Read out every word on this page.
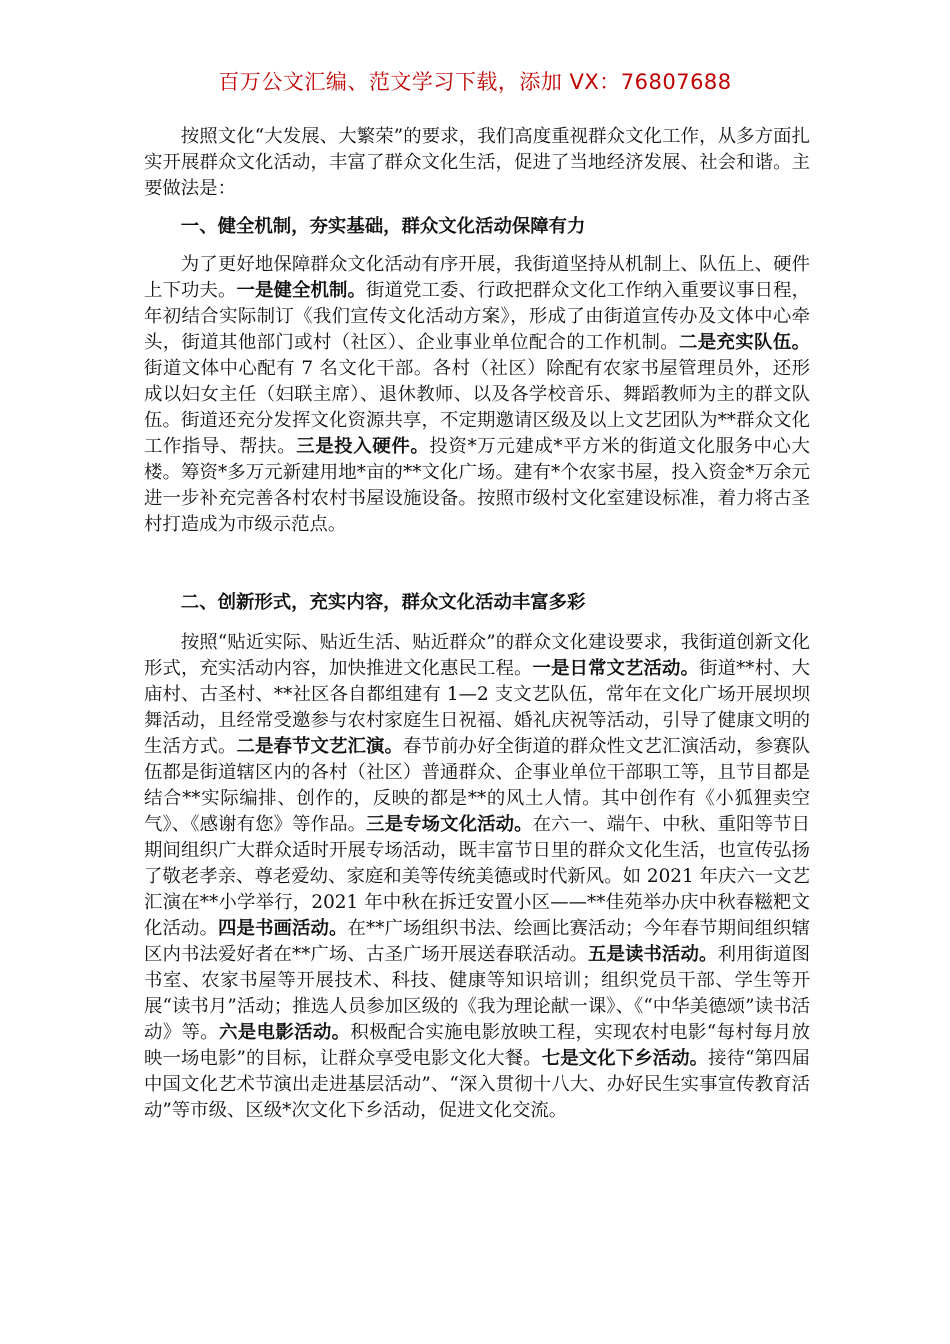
百万公文汇编、范文学习下载，添加 VX：76807688

按照文化“大发展、大繁荣”的要求，我们高度重视群众文化工作，从多方面扎实开展群众文化活动，丰富了群众文化生活，促进了当地经济发展、社会和谐。主要做法是：

一、健全机制，夯实基础，群众文化活动保障有力

为了更好地保障群众文化活动有序开展，我街道坚持从机制上、队伍上、硬件上下功夫。一是健全机制。街道党工委、行政把群众文化工作纳入重要议事日程，年初结合实际制订《我们宣传文化活动方案》，形成了由街道宣传办及文体中心牵头，街道其他部门或村（社区）、企业事业单位配合的工作机制。二是充实队伍。街道文体中心配有 7 名文化干部。各村（社区）除配有农家书屋管理员外，还形成以妇女主任（妇联主席）、退休教师、以及各学校音乐、舞蹈教师为主的群文队伍。街道还充分发挥文化资源共享，不定期邀请区级及以上文艺团队为**群众文化工作指导、帮扶。三是投入硬件。投资*万元建成*平方米的街道文化服务中心大楼。筹资*多万元新建用地*亩的**文化广场。建有*个农家书屋，投入资金*万余元进一步补充完善各村农村书屋设施设备。按照市级村文化室建设标准，着力将古圣村打造成为市级示范点。

二、创新形式，充实内容，群众文化活动丰富多彩

按照“贴近实际、贴近生活、贴近群众”的群众文化建设要求，我街道创新文化形式，充实活动内容，加快推进文化惠民工程。一是日常文艺活动。街道**村、大庙村、古圣村、**社区各自都组建有 1—2 支文艺队伍，常年在文化广场开展坝坝舞活动，且经常受邀参与农村家庭生日祝福、婚礼庆祝等活动，引导了健康文明的生活方式。二是春节文艺汇演。春节前办好全街道的群众性文艺汇演活动，参赛队伍都是街道辖区内的各村（社区）普通群众、企事业单位干部职工等，且节目都是结合**实际编排、创作的，反映的都是**的风土人情。其中创作有《小狐狸卖空气》、《感谢有您》等作品。三是专场文化活动。在六一、端午、中秋、重阳等节日期间组织广大群众适时开展专场活动，既丰富节日里的群众文化生活，也宣传弘扬了敬老孝亲、尊老爱幼、家庭和美等传统美德或时代新风。如 2021 年庆六一文艺汇演在**小学举行，2021 年中秋在拆迁安置小区——**佳苑举办庆中秋春糍粑文化活动。四是书画活动。在**广场组织书法、绘画比赛活动；今年春节期间组织辖区内书法爱好者在**广场、古圣广场开展送春联活动。五是读书活动。利用街道图书室、农家书屋等开展技术、科技、健康等知识培训；组织党员干部、学生等开展“读书月”活动；推选人员参加区级的《我为理论献一课》、《“中华美德颂”读书活动》等。六是电影活动。积极配合实施电影放映工程，实现农村电影“每村每月放映一场电影”的目标，让群众享受电影文化大餐。七是文化下乡活动。接待“第四届中国文化艺术节演出走进基层活动”、“深入贯彻十八大、办好民生实事宣传教育活动”等市级、区级*次文化下乡活动，促进文化交流。
